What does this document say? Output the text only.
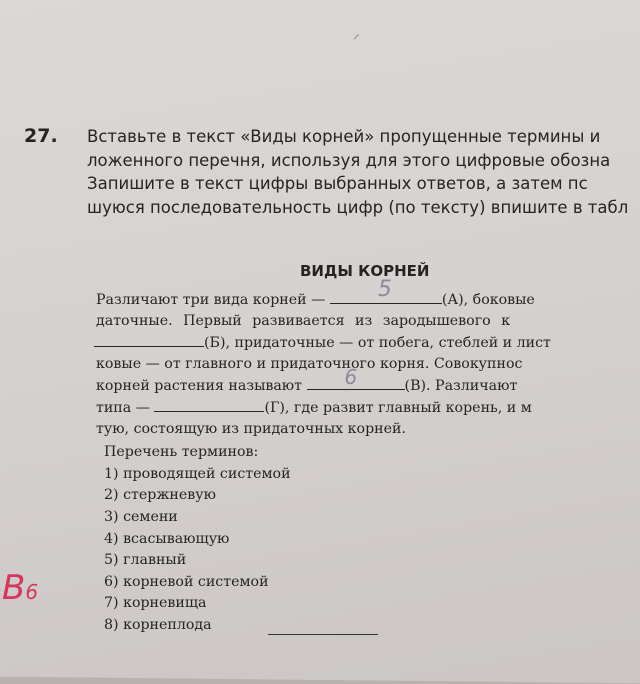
ᐟ
27. Вставьте в текст «Виды корней» пропущенные термины и
ложенного перечня, используя для этого цифровые обозна
Запишите в текст цифры выбранных ответов, а затем пс
шуюся последовательность цифр (по тексту) впишите в табл
ВИДЫ КОРНЕЙ
Различают три вида корней — 5	(А), боковые
даточные. Первый развивается из зародышевого к
(Б), придаточные — от побега, стеблей и лист
ковые — от главного и придаточного корня. Совокупнос
корней растения называют 6	(В). Различают
типа —	(Г), где развит главный корень, и м
тую, состоящую из придаточных корней.
Перечень терминов:
1) проводящей системой
2) стержневую
3) семени
4) всасывающую
5) главный
6) корневой системой
7) корневища
8) корнеплода
В6
